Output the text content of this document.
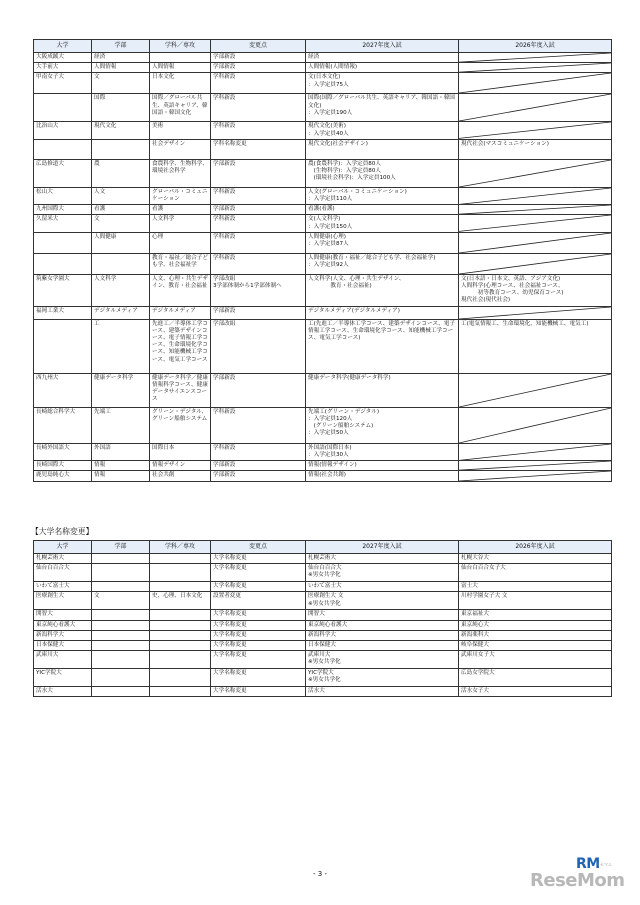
大学	学部	学科／専攻	変更点	2027年度入試	2026年度入試
大阪成蹊大	経済		学部新設	経済	

大手前大	人間情報	人間情報	学部新設	人間情報(人間情報)	

甲南女子大	文	日本文化	学科新設	文(日本文化)
：入学定員75人	

	国際	国際／グローバル共生、英語キャリア、韓国語・韓国文化	学科新設	国際(国際／グローバル共生、英語キャリア、韓国語・韓国文化)
：入学定員190人	

比治山大	現代文化	美術	学科新設	現代文化(美術)
：入学定員40人	

		社会デザイン	学科名称変更	現代文化(社会デザイン)	現代社会(マスコミュニケーション)
広島修道大	農	食農科学、生物科学、環境社会科学	学部新設	農(食農科学)：入学定員80人
　(生物科学)：入学定員80人
　(環境社会科学)：入学定員100人	

松山大	人文	グローバル・コミュニケーション	学科新設	人文(グローバル・コミュニケーション)
：入学定員110人	

九州国際大	看護	看護	学部新設	看護(看護)	

久留米大	文	人文科学	学科新設	文(人文科学)
：入学定員150人	

	人間健康	心理	学科新設	人間健康(心理)
：入学定員87人	

		教育・福祉／総合子ども学、社会福祉学	学科新設	人間健康(教育・福祉／総合子ども学、社会福祉学)
：入学定員92人	

筑紫女学園大	人文科学	人文、心理・共生デザイン、教育・社会福祉	学部改組
3学部体制から1学部体制へ	人文科学(人文、心理・共生デザイン、
　　　　教育・社会福祉)	文(日本語・日本文、英語、アジア文化)
人間科学(心理コース、社会福祉コース、
　　　初等教育コース、幼児保育コース)
現代社会(現代社会)
福岡工業大	デジタルメディア	デジタルメディア	学部新設	デジタルメディア(デジタルメディア)	

	工	先進工／半導体工学コース、建築デザインコース、電子情報工学コース、生命環境化学コース、知能機械工学コース、電気工学コース	学部改組	工(先進工／半導体工学コース、建築デザインコース、電子情報工学コース、生命環境化学コース、知能機械工学コース、電気工学コース)	工(電気情報工、生命環境化、知能機械工、電気工)
西九州大	健康データ科学	健康データ科学／健康情報科学コース、健康データサイエンスコース	学部新設	健康データ科学(健康データ科学)	

長崎総合科学大	先端工	グリーン・デジタル、グリーン船舶システム	学科新設	先端工(グリーン・デジタル)
：入学定員120人
　(グリーン船舶システム)
：入学定員50人	

長崎外国語大	外国語	国際日本	学科新設	外国語(国際日本)
：入学定員30人	

長崎国際大	情報	情報デザイン	学部新設	情報(情報デザイン)	

鹿児島純心大	情報	社会共創	学部新設	情報(社会共創)	
【大学名称変更】
大学	学部	学科／専攻	変更点	2027年度入試	2026年度入試
札幌芸術大			大学名称変更	札幌芸術大	札幌大谷大
仙台白百合大			大学名称変更	仙台白百合大
※男女共学化	仙台白百合女子大
いわて富士大			大学名称変更	いわて富士大	富士大
医療創生大	文	史、心理、日本文化	設置者変更	医療創生大 文
※男女共学化	川村学園女子大 文
開智大			大学名称変更	開智大	東京福祉大
東京純心看護大			大学名称変更	東京純心看護大	東京純心大
新潟科学大			大学名称変更	新潟科学大	新潟薬科大
日本保健大			大学名称変更	日本保健大	岐阜保健大
武庫川大			大学名称変更	武庫川大
※男女共学化	武庫川女子大
YIC学院大			大学名称変更	YIC学院大
※男女共学化	広島女学院大
活水大			大学名称変更	活水大	活水女子大
- 3 -
RM
リセマム
ReseMom
